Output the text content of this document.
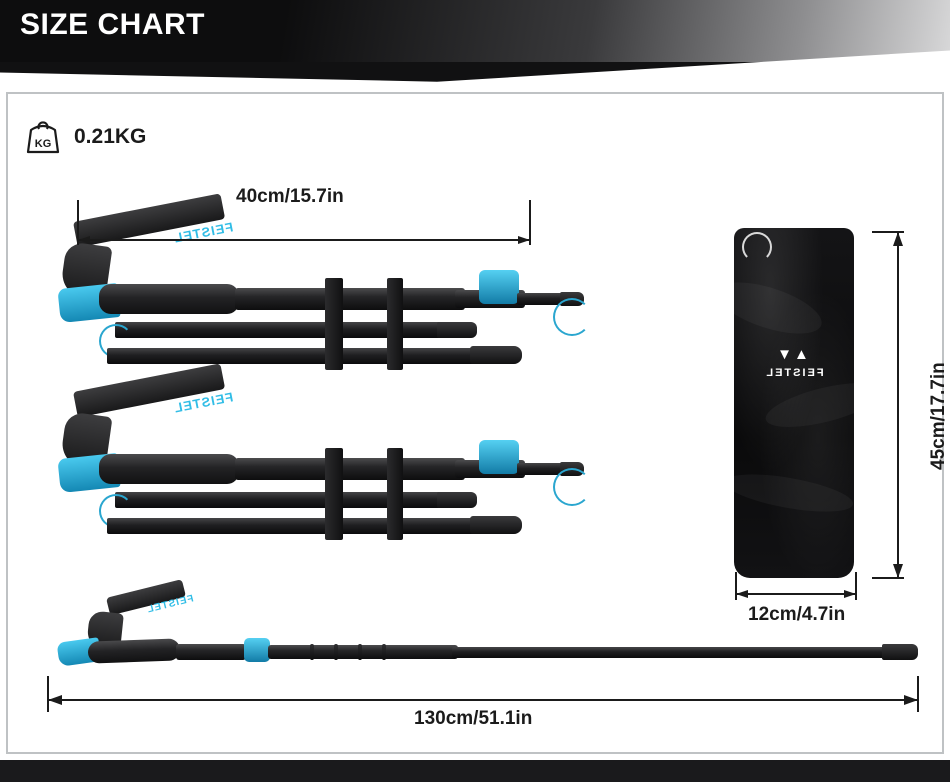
SIZE CHART
KG 0.21KG
FEISTEL
FEISTEL
FEISTEL
▼▲
FEISTEL
40cm/15.7in
130cm/51.1in
45cm/17.7in
12cm/4.7in
